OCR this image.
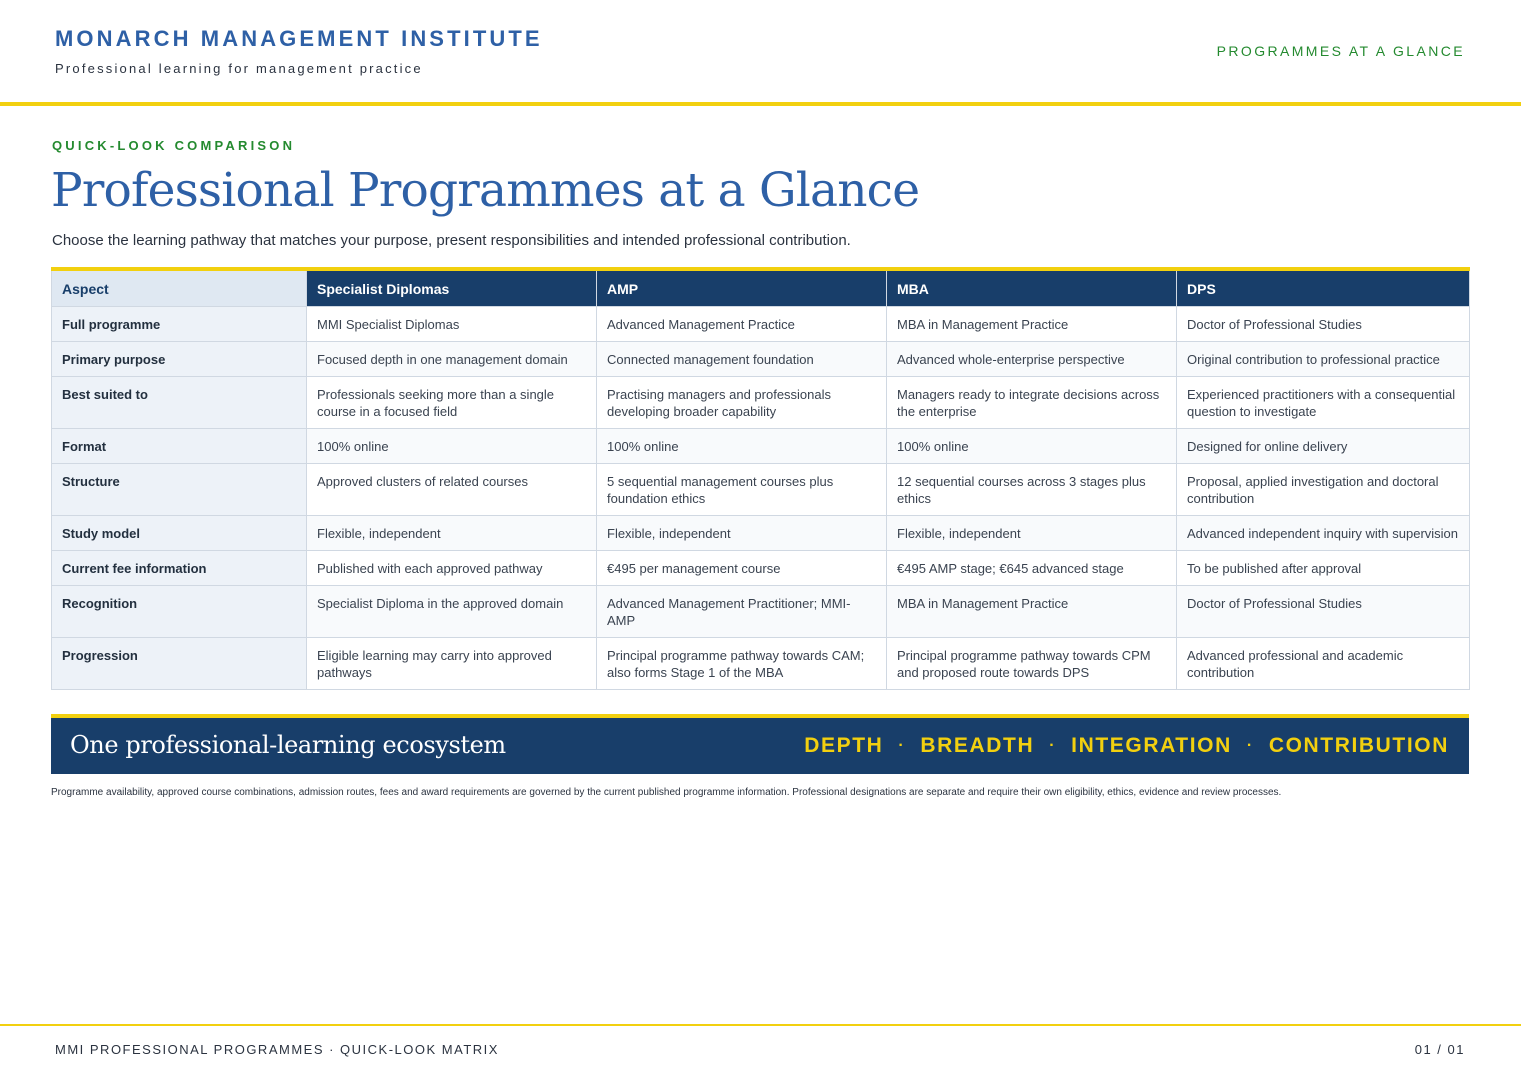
MONARCH MANAGEMENT INSTITUTE
Professional learning for management practice
PROGRAMMES AT A GLANCE
QUICK-LOOK COMPARISON
Professional Programmes at a Glance
Choose the learning pathway that matches your purpose, present responsibilities and intended professional contribution.
Aspect	Specialist Diplomas	AMP	MBA	DPS
Full programme	MMI Specialist Diplomas	Advanced Management Practice	MBA in Management Practice	Doctor of Professional Studies
Primary purpose	Focused depth in one management domain	Connected management foundation	Advanced whole-enterprise perspective	Original contribution to professional practice
Best suited to	Professionals seeking more than a single course in a focused field	Practising managers and professionals developing broader capability	Managers ready to integrate decisions across the enterprise	Experienced practitioners with a consequential question to investigate
Format	100% online	100% online	100% online	Designed for online delivery
Structure	Approved clusters of related courses	5 sequential management courses plus foundation ethics	12 sequential courses across 3 stages plus ethics	Proposal, applied investigation and doctoral contribution
Study model	Flexible, independent	Flexible, independent	Flexible, independent	Advanced independent inquiry with supervision
Current fee information	Published with each approved pathway	€495 per management course	€495 AMP stage; €645 advanced stage	To be published after approval
Recognition	Specialist Diploma in the approved domain	Advanced Management Practitioner; MMI-AMP	MBA in Management Practice	Doctor of Professional Studies
Progression	Eligible learning may carry into approved pathways	Principal programme pathway towards CAM; also forms Stage 1 of the MBA	Principal programme pathway towards CPM and proposed route towards DPS	Advanced professional and academic contribution
One professional-learning ecosystem	DEPTH · BREADTH · INTEGRATION · CONTRIBUTION
Programme availability, approved course combinations, admission routes, fees and award requirements are governed by the current published programme information. Professional designations are separate and require their own eligibility, ethics, evidence and review processes.
MMI PROFESSIONAL PROGRAMMES · QUICK-LOOK MATRIX	01 / 01
